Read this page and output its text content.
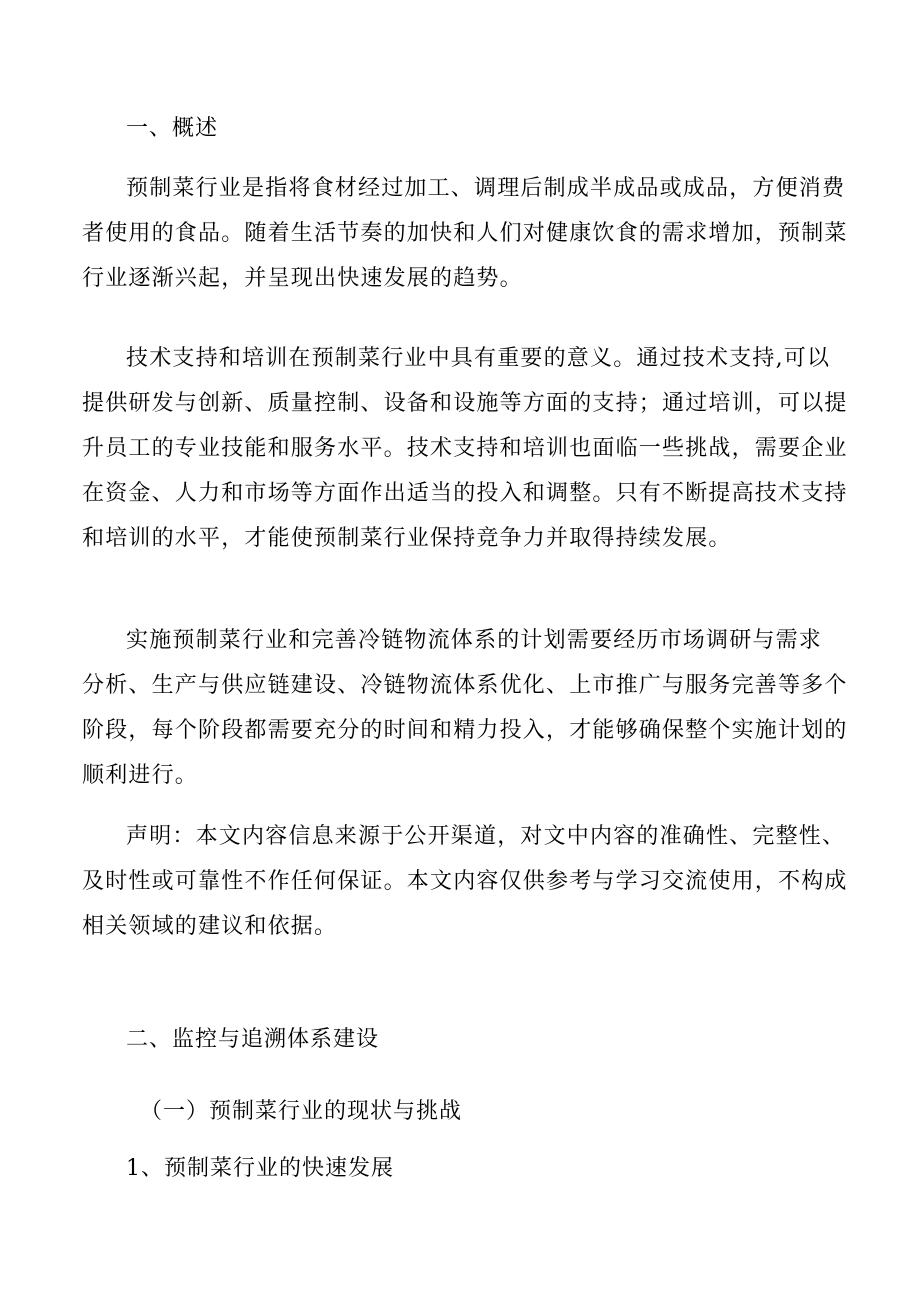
一、概述
预制菜行业是指将食材经过加工、调理后制成半成品或成品，方便消费
者使用的食品。随着生活节奏的加快和人们对健康饮食的需求增加，预制菜
行业逐渐兴起，并呈现出快速发展的趋势。
技术支持和培训在预制菜行业中具有重要的意义。通过技术支持,可以
提供研发与创新、质量控制、设备和设施等方面的支持；通过培训，可以提
升员工的专业技能和服务水平。技术支持和培训也面临一些挑战，需要企业
在资金、人力和市场等方面作出适当的投入和调整。只有不断提高技术支持
和培训的水平，才能使预制菜行业保持竞争力并取得持续发展。
实施预制菜行业和完善冷链物流体系的计划需要经历市场调研与需求
分析、生产与供应链建设、冷链物流体系优化、上市推广与服务完善等多个
阶段，每个阶段都需要充分的时间和精力投入，才能够确保整个实施计划的
顺利进行。
声明：本文内容信息来源于公开渠道，对文中内容的准确性、完整性、
及时性或可靠性不作任何保证。本文内容仅供参考与学习交流使用，不构成
相关领域的建议和依据。
二、监控与追溯体系建设
（一）预制菜行业的现状与挑战
1、预制菜行业的快速发展
